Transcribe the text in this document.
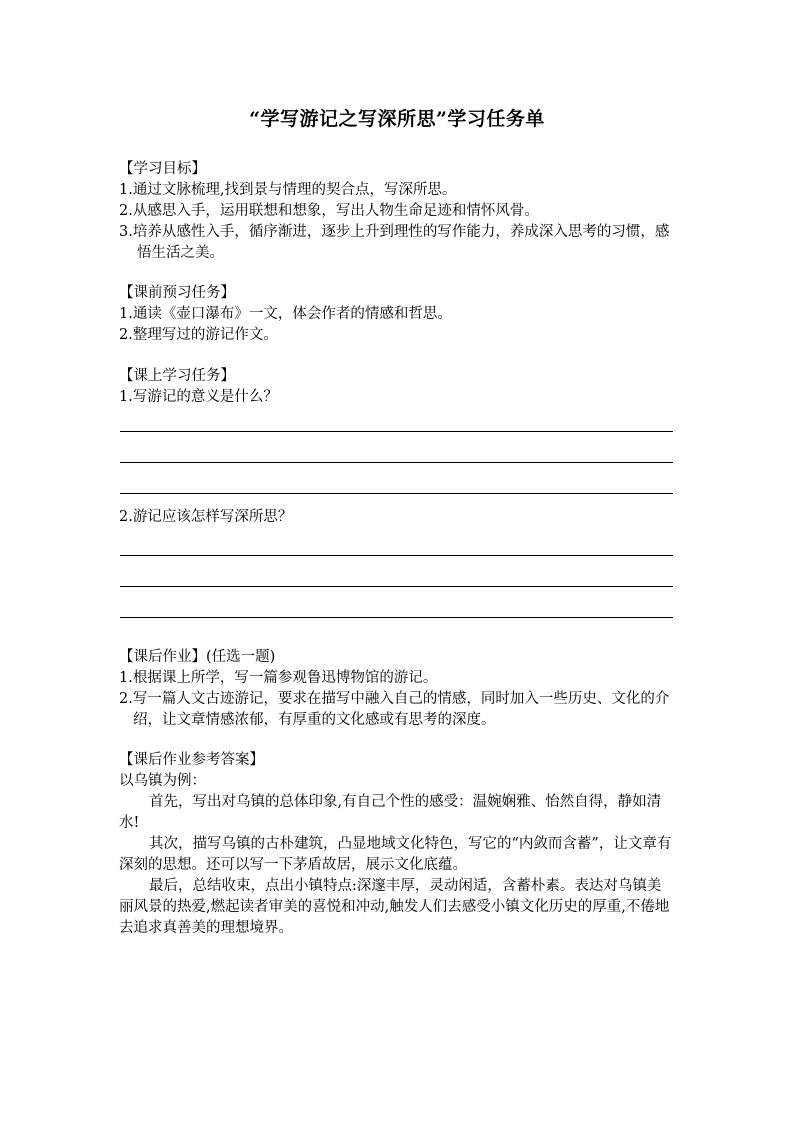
“学写游记之写深所思”学习任务单
【学习目标】
1.通过文脉梳理,找到景与情理的契合点，写深所思。
2.从感思入手，运用联想和想象，写出人物生命足迹和情怀风骨。
3.培养从感性入手，循序渐进，逐步上升到理性的写作能力，养成深入思考的习惯，感悟生活之美。
【课前预习任务】
1.通读《壶口瀑布》一文，体会作者的情感和哲思。
2.整理写过的游记作文。
【课上学习任务】
1.写游记的意义是什么？
2.游记应该怎样写深所思？
【课后作业】(任选一题)
1.根据课上所学，写一篇参观鲁迅博物馆的游记。
2.写一篇人文古迹游记，要求在描写中融入自己的情感，同时加入一些历史、文化的介绍，让文章情感浓郁，有厚重的文化感或有思考的深度。
【课后作业参考答案】
以乌镇为例：
首先，写出对乌镇的总体印象,有自己个性的感受：温婉娴雅、怡然自得，静如清水!
其次，描写乌镇的古朴建筑，凸显地域文化特色，写它的“内敛而含蓄”，让文章有深刻的思想。还可以写一下茅盾故居，展示文化底蕴。
最后，总结收束，点出小镇特点:深邃丰厚，灵动闲适，含蓄朴素。表达对乌镇美丽风景的热爱,燃起读者审美的喜悦和冲动,触发人们去感受小镇文化历史的厚重,不倦地去追求真善美的理想境界。
